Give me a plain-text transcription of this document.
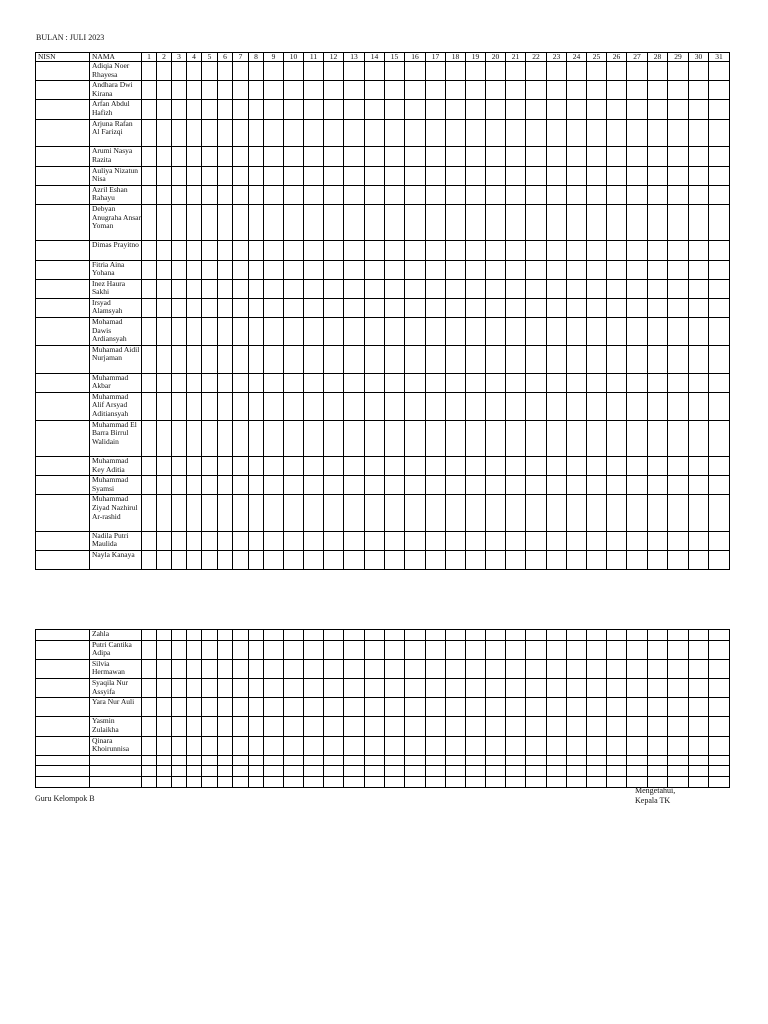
BULAN : JULI 2023
NISN	NAMA	1	2	3	4	5	6	7	8	9	10	11	12	13	14	15	16	17	18	19	20	21	22	23	24	25	26	27	28	29	30	31
	Adiqia Noer Rhayesa																															
	Andhara Dwi Kirana																															
	Arfan Abdul Hafizh																															
	Arjuna Rafan Al Farizqi																															
	Arumi Nasya Razita																															
	Auliya Nizatun Nisa																															
	Azril Eshan Rahayu																															
	Debyan Anugraha Ansar Yoman																															
	Dimas Prayitno																															
	Fitria Aina Yohana																															
	Inez Haura Sakhi																															
	Irsyad Alamsyah																															
	Mohamad Dawis Ardiansyah																															
	Muhamad Aidil Nurjaman																															
	Muhammad Akbar																															
	Muhammad Alif Arsyad Aditiansyah																															
	Muhammad El Barra Birrul Walidain																															
	Muhammad Key Aditia																															
	Muhammad Syamsi																															
	Muhammad Ziyad Nazhirul Ar-rashid																															
	Nadila Putri Maulida																															
	Nayla Kanaya																															
	Zahla																															
	Putri Cantika Adipa																															
	Silvia Hermawan																															
	Syaqila Nur Assyifa																															
	Yara Nur Auli																															
	Yasmin Zulaikha																															
	Qinara Khoirunnisa																															

Guru Kelompok B
Mengetahui,
Kepala TK
